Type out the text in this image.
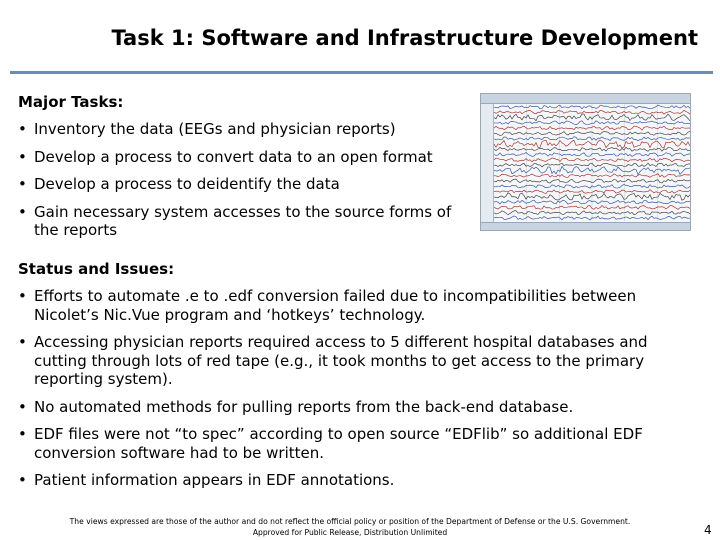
Task 1: Software and Infrastructure Development
Major Tasks:
• Inventory the data (EEGs and physician reports)
• Develop a process to convert data to an open format
• Develop a process to deidentify the data
• Gain necessary system accesses to the source forms of the reports
Status and Issues:
• Efforts to automate .e to .edf conversion failed due to incompatibilities between Nicolet’s Nic.Vue program and ‘hotkeys’ technology.
• Accessing physician reports required access to 5 different hospital databases and cutting through lots of red tape (e.g., it took months to get access to the primary reporting system).
• No automated methods for pulling reports from the back-end database.
• EDF files were not “to spec” according to open source “EDFlib” so additional EDF conversion software had to be written.
• Patient information appears in EDF annotations.
The views expressed are those of the author and do not reflect the official policy or position of the Department of Defense or the U.S. Government.
Approved for Public Release, Distribution Unlimited	4
